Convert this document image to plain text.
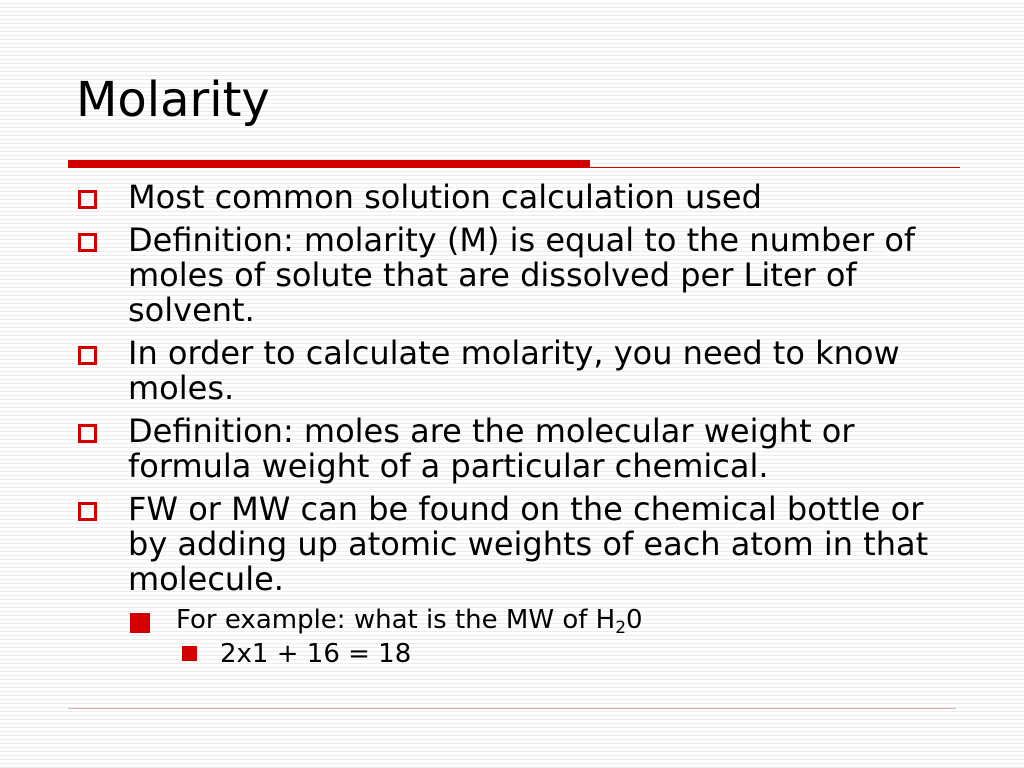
Molarity
Most common solution calculation used
Definition: molarity (M) is equal to the number of moles of solute that are dissolved per Liter of solvent.
In order to calculate molarity, you need to know moles.
Definition: moles are the molecular weight or formula weight of a particular chemical.
FW or MW can be found on the chemical bottle or by adding up atomic weights of each atom in that molecule.
For example: what is the MW of $H_20$
2x1 + 16 = 18
